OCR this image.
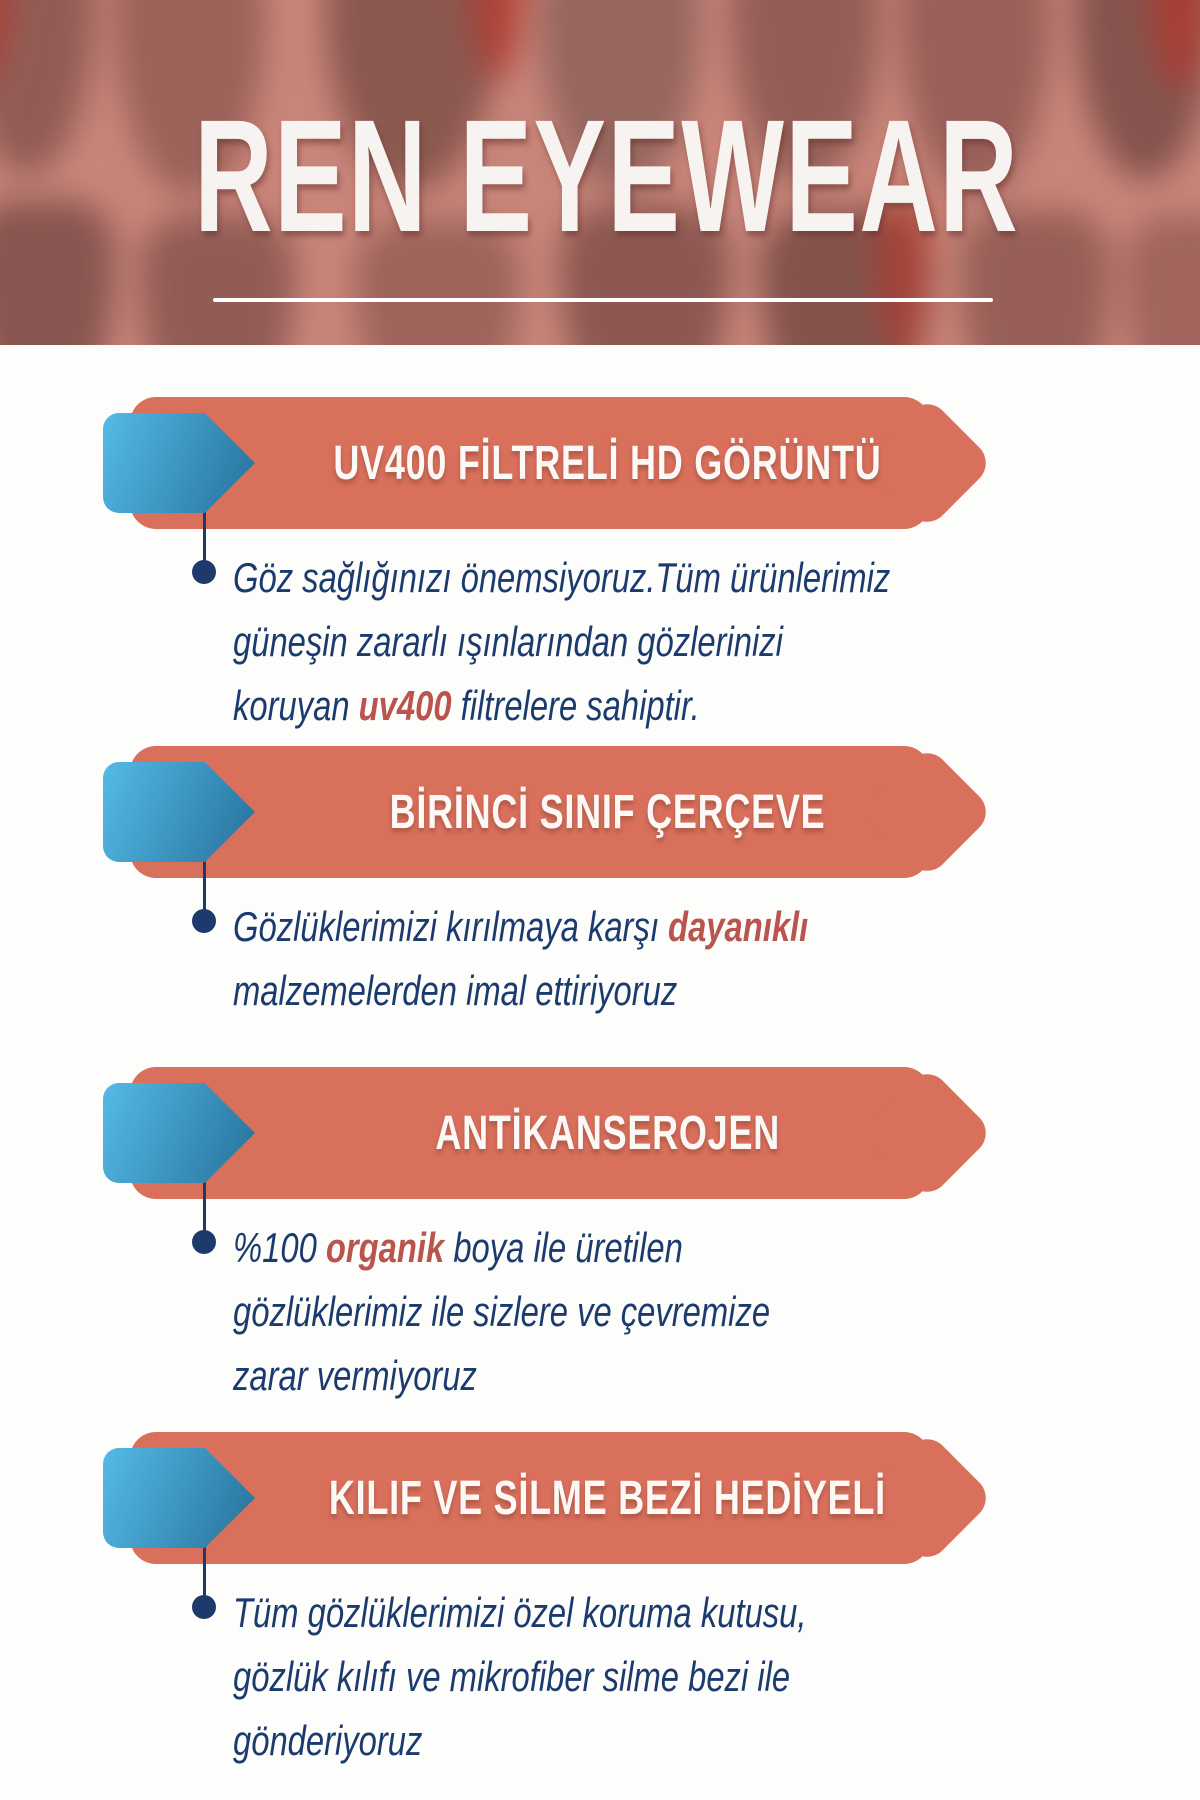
REN EYEWEAR
UV400 FİLTRELİ HD GÖRÜNTÜ
Göz sağlığınızı önemsiyoruz.Tüm ürünlerimiz
güneşin zararlı ışınlarından gözlerinizi
koruyan uv400 filtrelere sahiptir.
BİRİNCİ SINIF ÇERÇEVE
Gözlüklerimizi kırılmaya karşı dayanıklı
malzemelerden imal ettiriyoruz
ANTİKANSEROJEN
%100 organik boya ile üretilen
gözlüklerimiz ile sizlere ve çevremize
zarar vermiyoruz
KILIF VE SİLME BEZİ HEDİYELİ
Tüm gözlüklerimizi özel koruma kutusu,
gözlük kılıfı ve mikrofiber silme bezi ile
gönderiyoruz
